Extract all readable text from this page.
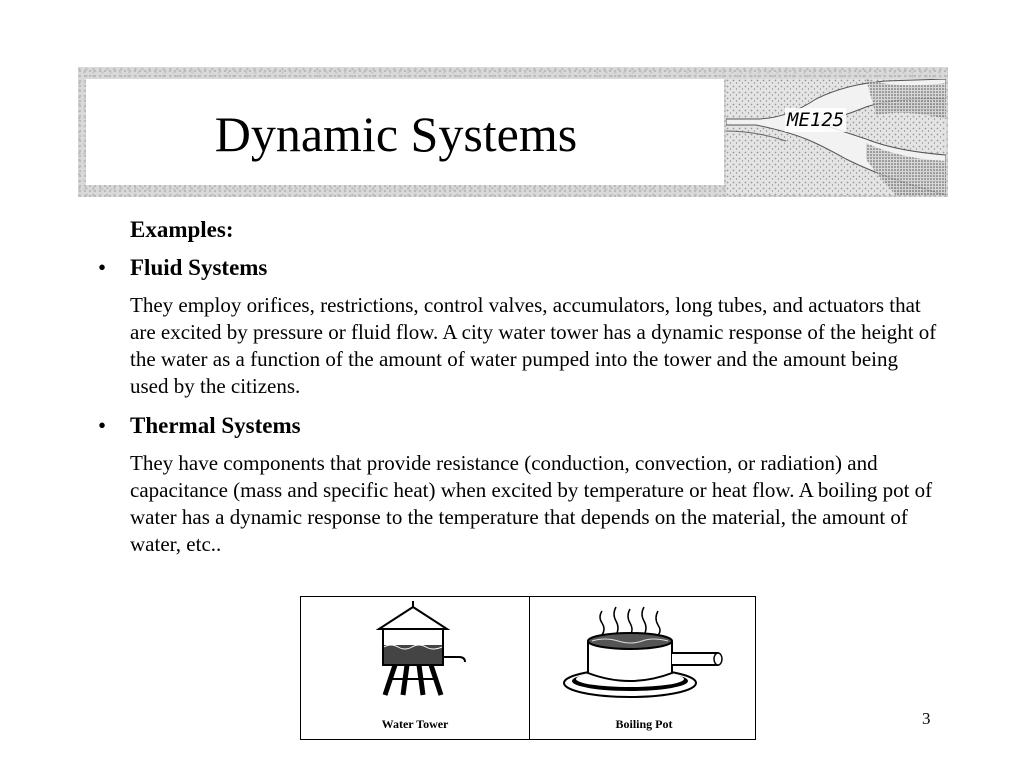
Dynamic Systems	ME125

Examples:

• Fluid Systems

They employ orifices, restrictions, control valves, accumulators, long tubes, and actuators that are excited by pressure or fluid flow. A city water tower has a dynamic response of the height of the water as a function of the amount of water pumped into the tower and the amount being used by the citizens.

• Thermal Systems

They have components that provide resistance (conduction, convection, or radiation) and capacitance (mass and specific heat) when excited by temperature or heat flow. A boiling pot of water has a dynamic response to the temperature that depends on the material, the amount of water, etc..

Water Tower	Boiling Pot	3
